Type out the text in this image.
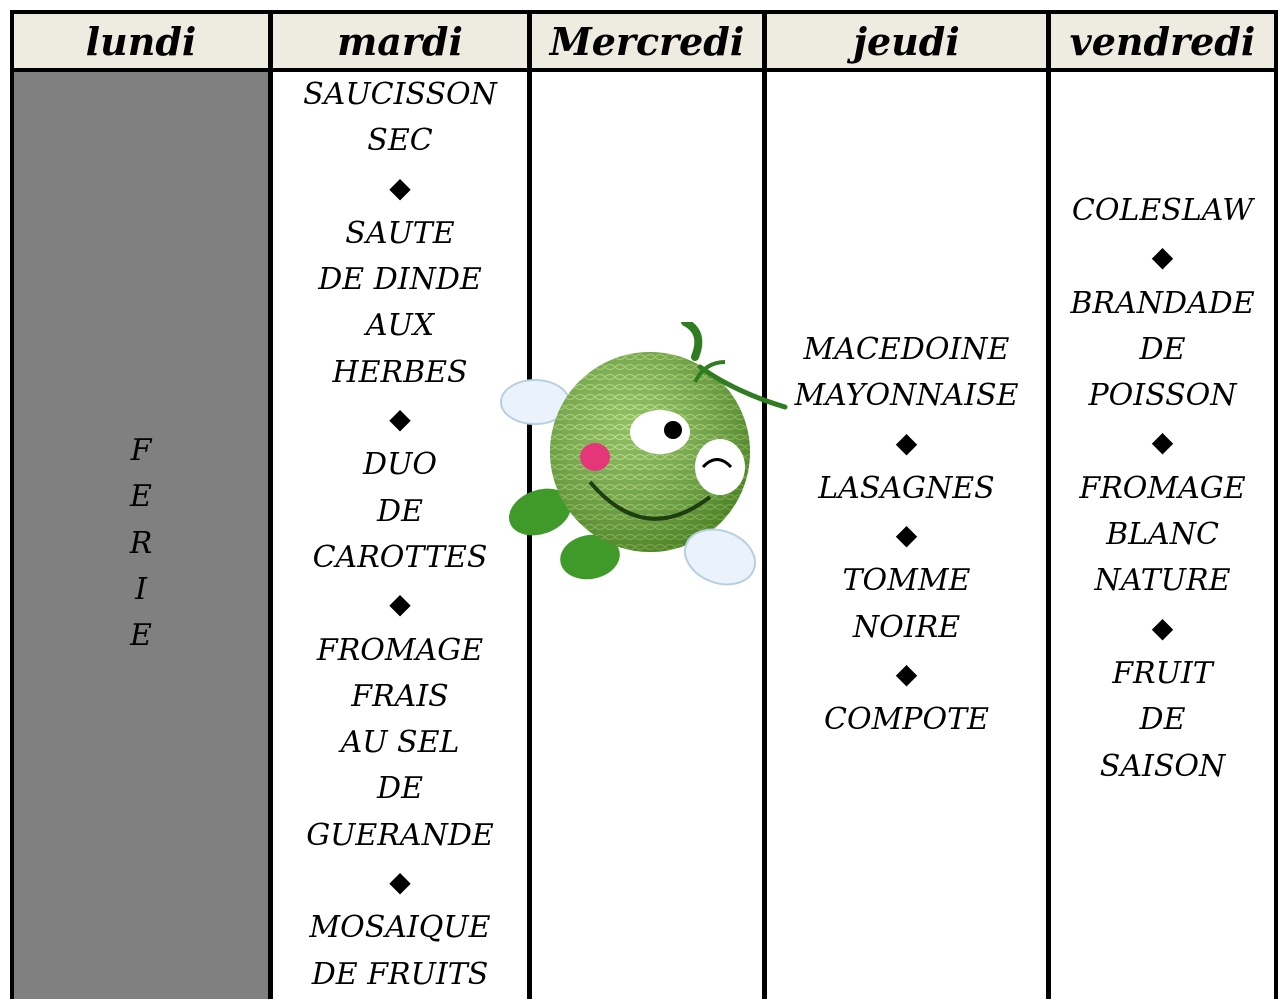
lundi
F
E
R
I
E
mardi
SAUCISSON
SEC
◆
SAUTE
DE DINDE
AUX
HERBES
◆
DUO
DE
CAROTTES
◆
FROMAGE
FRAIS
AU SEL
DE
GUERANDE
◆
MOSAIQUE
DE FRUITS
Mercredi	jeudi
MACEDOINE
MAYONNAISE
◆
LASAGNES
◆
TOMME
NOIRE
◆
COMPOTE
vendredi
COLESLAW
◆
BRANDADE
DE
POISSON
◆
FROMAGE
BLANC
NATURE
◆
FRUIT
DE
SAISON
